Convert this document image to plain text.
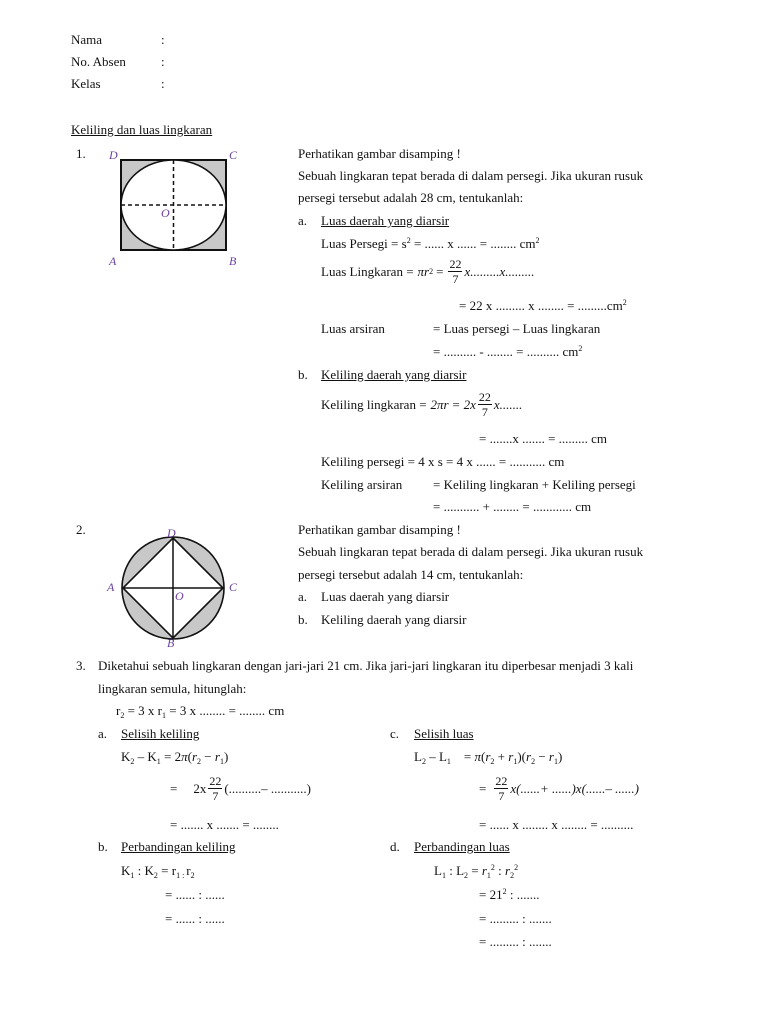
Nama	:
No. Absen	:
Kelas	:
Keliling dan luas lingkaran
1. D	C
A	B
O
Perhatikan gambar disamping !
Sebuah lingkaran tepat berada di dalam persegi. Jika ukuran rusuk
persegi tersebut adalah 28 cm, tentukanlah:
a. Luas daerah yang diarsir
Luas Persegi = $s^2$ = ...... x ...... = ........ $cm^2$
Luas Lingkaran = πr $2 = \frac{22}{7} x.........x$.........
= 22 x ......... x ........ = $.........cm^2$
Luas arsiran	= Luas persegi – Luas lingkaran
= .......... - ........ = .......... $cm^2$
b. Keliling daerah yang diarsir
Keliling lingkaran = $2\pi r = 2x \frac{22}{7} x$.......
= .......x ....... = ......... cm
Keliling persegi = 4 x s = 4 x ...... = ........... cm
Keliling arsiran = Keliling lingkaran + Keliling persegi
= ........... + ........ = ............ cm
2.	D
C
A
B
O
Perhatikan gambar disamping !
Sebuah lingkaran tepat berada di dalam persegi. Jika ukuran rusuk
persegi tersebut adalah 14 cm, tentukanlah:
a. Luas daerah yang diarsir
b. Keliling daerah yang diarsir
3. Diketahui sebuah lingkaran dengan jari-jari 21 cm. Jika jari-jari lingkaran itu diperbesar menjadi 3 kali
lingkaran semula, hitunglah:
$r_2 = 3$ x $r_1 = 3$ x ........ = ........ cm
a. Selisih keliling
$K_2 - K_1 = 2\pi(r_2 - r_1)$
= $2x \frac{22}{7}$ (..........– ...........)
= ....... x ....... = ........
b. Perbandingan keliling
$K_1$ : $K_2 = r_{1 :}$ $r_2$
= ...... : ......
= ...... : ......
c. Selisih luas
$L_2 - L_1$    = $\pi(r_2 + r_1)(r_2 - r_1)$
= $\frac{22}{7} x(......+ ......)x(......-$ ......)
= ...... x ........ x ........ = ..........
d. Perbandingan luas
$L_1$ : $L_2 = r_1^2$ : $r_2^2$
= $21^2$ : .......
= ......... : .......
= ......... : .......
